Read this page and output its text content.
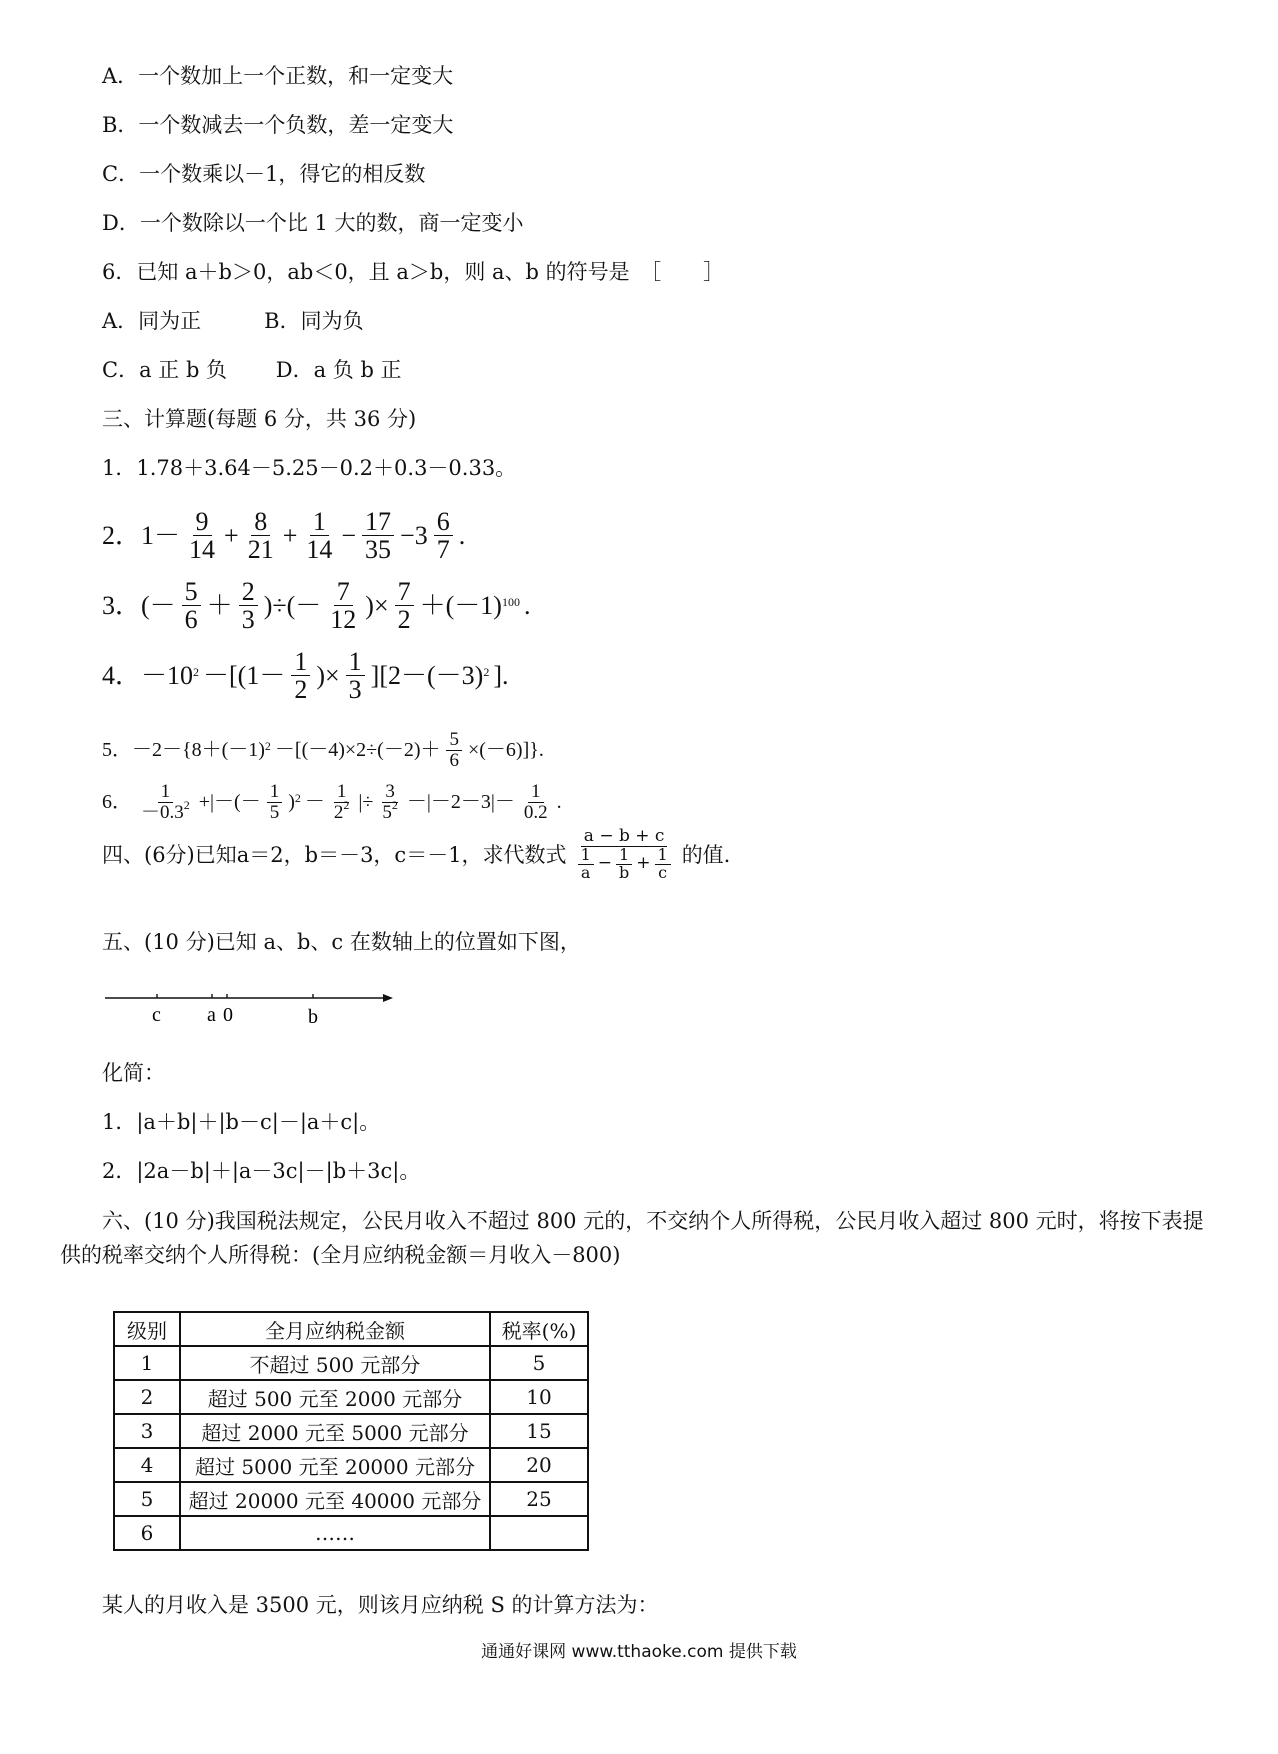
A．一个数加上一个正数，和一定变大
B．一个数减去一个负数，差一定变大
C．一个数乘以－1，得它的相反数
D．一个数除以一个比 1 大的数，商一定变小
6．已知 a＋b＞0，ab＜0，且 a＞b，则 a、b 的符号是　［　　］
A．同为正　　　B．同为负
C．a 正 b 负　　 D．a 负 b 正
三、计算题(每题 6 分，共 36 分)
1．1.78＋3.64－5.25－0.2＋0.3－0.33。
2．$1- \frac{9}{14} + \frac{8}{21} + \frac{1}{14} - \frac{17}{35} -3 \frac{6}{7}$ .
3．(－ $\frac{5}{6} + \frac{2}{3}$ )÷(－ $\frac{7}{12}$ )× $\frac{7}{2} +(-1)^{100}$ .
4．$-10^2 -[(1- \frac{1}{2}$ )× $\frac{1}{3} ][2-(-3)^2$ ].
5．$-2-\{8+(-1)^2 -[(-4)\times 2\div(-2)+ \frac{5}{6} \times(-6)]\}$.
6． $\frac{1}{-0.3^2}$ +|－(－ $\frac{1}{5} )^2 - \frac{1}{2^2}$ |÷ $\frac{3}{5^2} -|-2-3|- \frac{1}{0.2}$ .
四、(6分)已知a＝2，b＝－3，c＝－1，求代数式 $\frac{a - b + c}{\frac{1}{a} - \frac{1}{b} + \frac{1}{c}}$ 的值.
五、(10 分)已知 a、b、c 在数轴上的位置如下图，
c a 0	b
化简：
1．|a＋b|＋|b－c|－|a＋c|。
2．|2a－b|＋|a－3c|－|b＋3c|。
六、(10 分)我国税法规定，公民月收入不超过 800 元的，不交纳个人所得税，公民月收入超过 800 元时，将按下表提
供的税率交纳个人所得税：(全月应纳税金额＝月收入－800)
级别	全月应纳税金额	税率(%)
1	不超过 500 元部分	5
2	超过 500 元至 2000 元部分	10
3	超过 2000 元至 5000 元部分	15
4	超过 5000 元至 20000 元部分	20
5	超过 20000 元至 40000 元部分	25
6	……	
某人的月收入是 3500 元，则该月应纳税 S 的计算方法为：
通通好课网 www.tthaoke.com 提供下载
